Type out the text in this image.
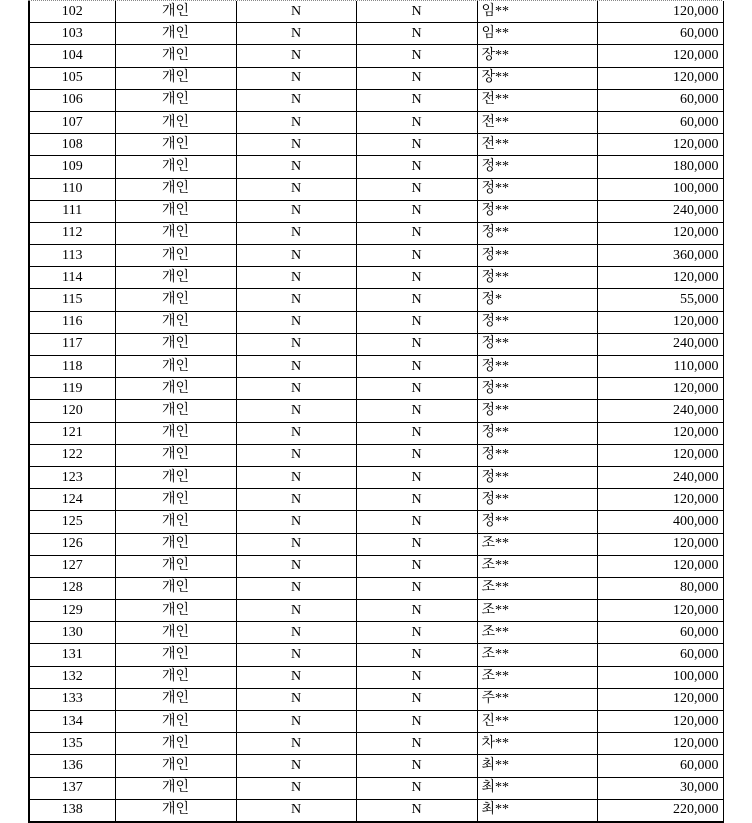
102	개인	N	N	임**	120,000
103	개인	N	N	임**	60,000
104	개인	N	N	장**	120,000
105	개인	N	N	장**	120,000
106	개인	N	N	전**	60,000
107	개인	N	N	전**	60,000
108	개인	N	N	전**	120,000
109	개인	N	N	정**	180,000
110	개인	N	N	정**	100,000
111	개인	N	N	정**	240,000
112	개인	N	N	정**	120,000
113	개인	N	N	정**	360,000
114	개인	N	N	정**	120,000
115	개인	N	N	정*	55,000
116	개인	N	N	정**	120,000
117	개인	N	N	정**	240,000
118	개인	N	N	정**	110,000
119	개인	N	N	정**	120,000
120	개인	N	N	정**	240,000
121	개인	N	N	정**	120,000
122	개인	N	N	정**	120,000
123	개인	N	N	정**	240,000
124	개인	N	N	정**	120,000
125	개인	N	N	정**	400,000
126	개인	N	N	조**	120,000
127	개인	N	N	조**	120,000
128	개인	N	N	조**	80,000
129	개인	N	N	조**	120,000
130	개인	N	N	조**	60,000
131	개인	N	N	조**	60,000
132	개인	N	N	조**	100,000
133	개인	N	N	주**	120,000
134	개인	N	N	진**	120,000
135	개인	N	N	차**	120,000
136	개인	N	N	최**	60,000
137	개인	N	N	최**	30,000
138	개인	N	N	최**	220,000
